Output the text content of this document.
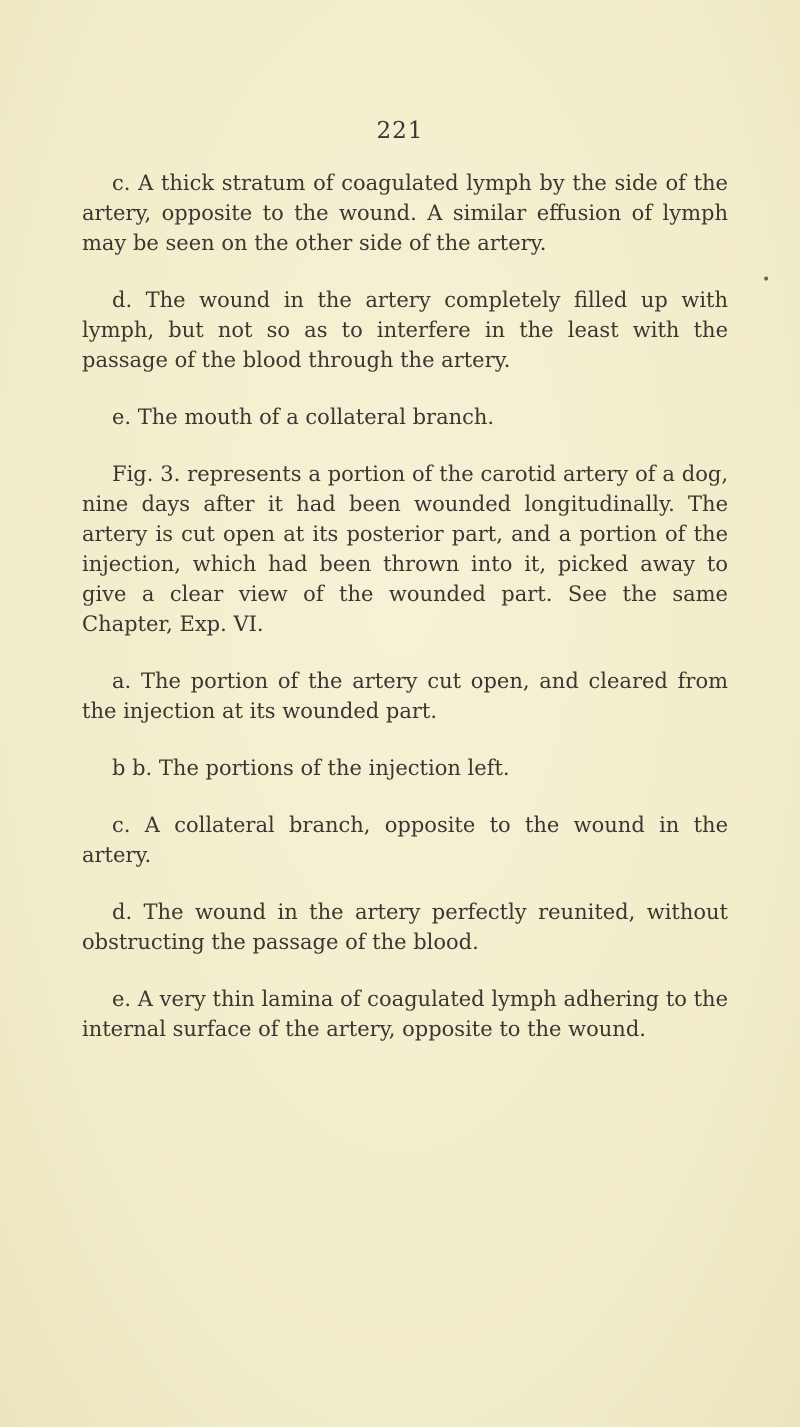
221
•

c. A thick stratum of coagulated lymph by the side of the artery, opposite to the wound. A similar effusion of lymph may be seen on the other side of the artery.

d. The wound in the artery completely filled up with lymph, but not so as to interfere in the least with the passage of the blood through the artery.

e. The mouth of a collateral branch.

Fig. 3. represents a portion of the carotid artery of a dog, nine days after it had been wounded longitudinally. The artery is cut open at its posterior part, and a portion of the injection, which had been thrown into it, picked away to give a clear view of the wounded part. See the same Chapter, Exp. VI.

a. The portion of the artery cut open, and cleared from the injection at its wounded part.

b b. The portions of the injection left.

c. A collateral branch, opposite to the wound in the artery.

d. The wound in the artery perfectly reunited, without obstructing the passage of the blood.

e. A very thin lamina of coagulated lymph adhering to the internal surface of the artery, opposite to the wound.
